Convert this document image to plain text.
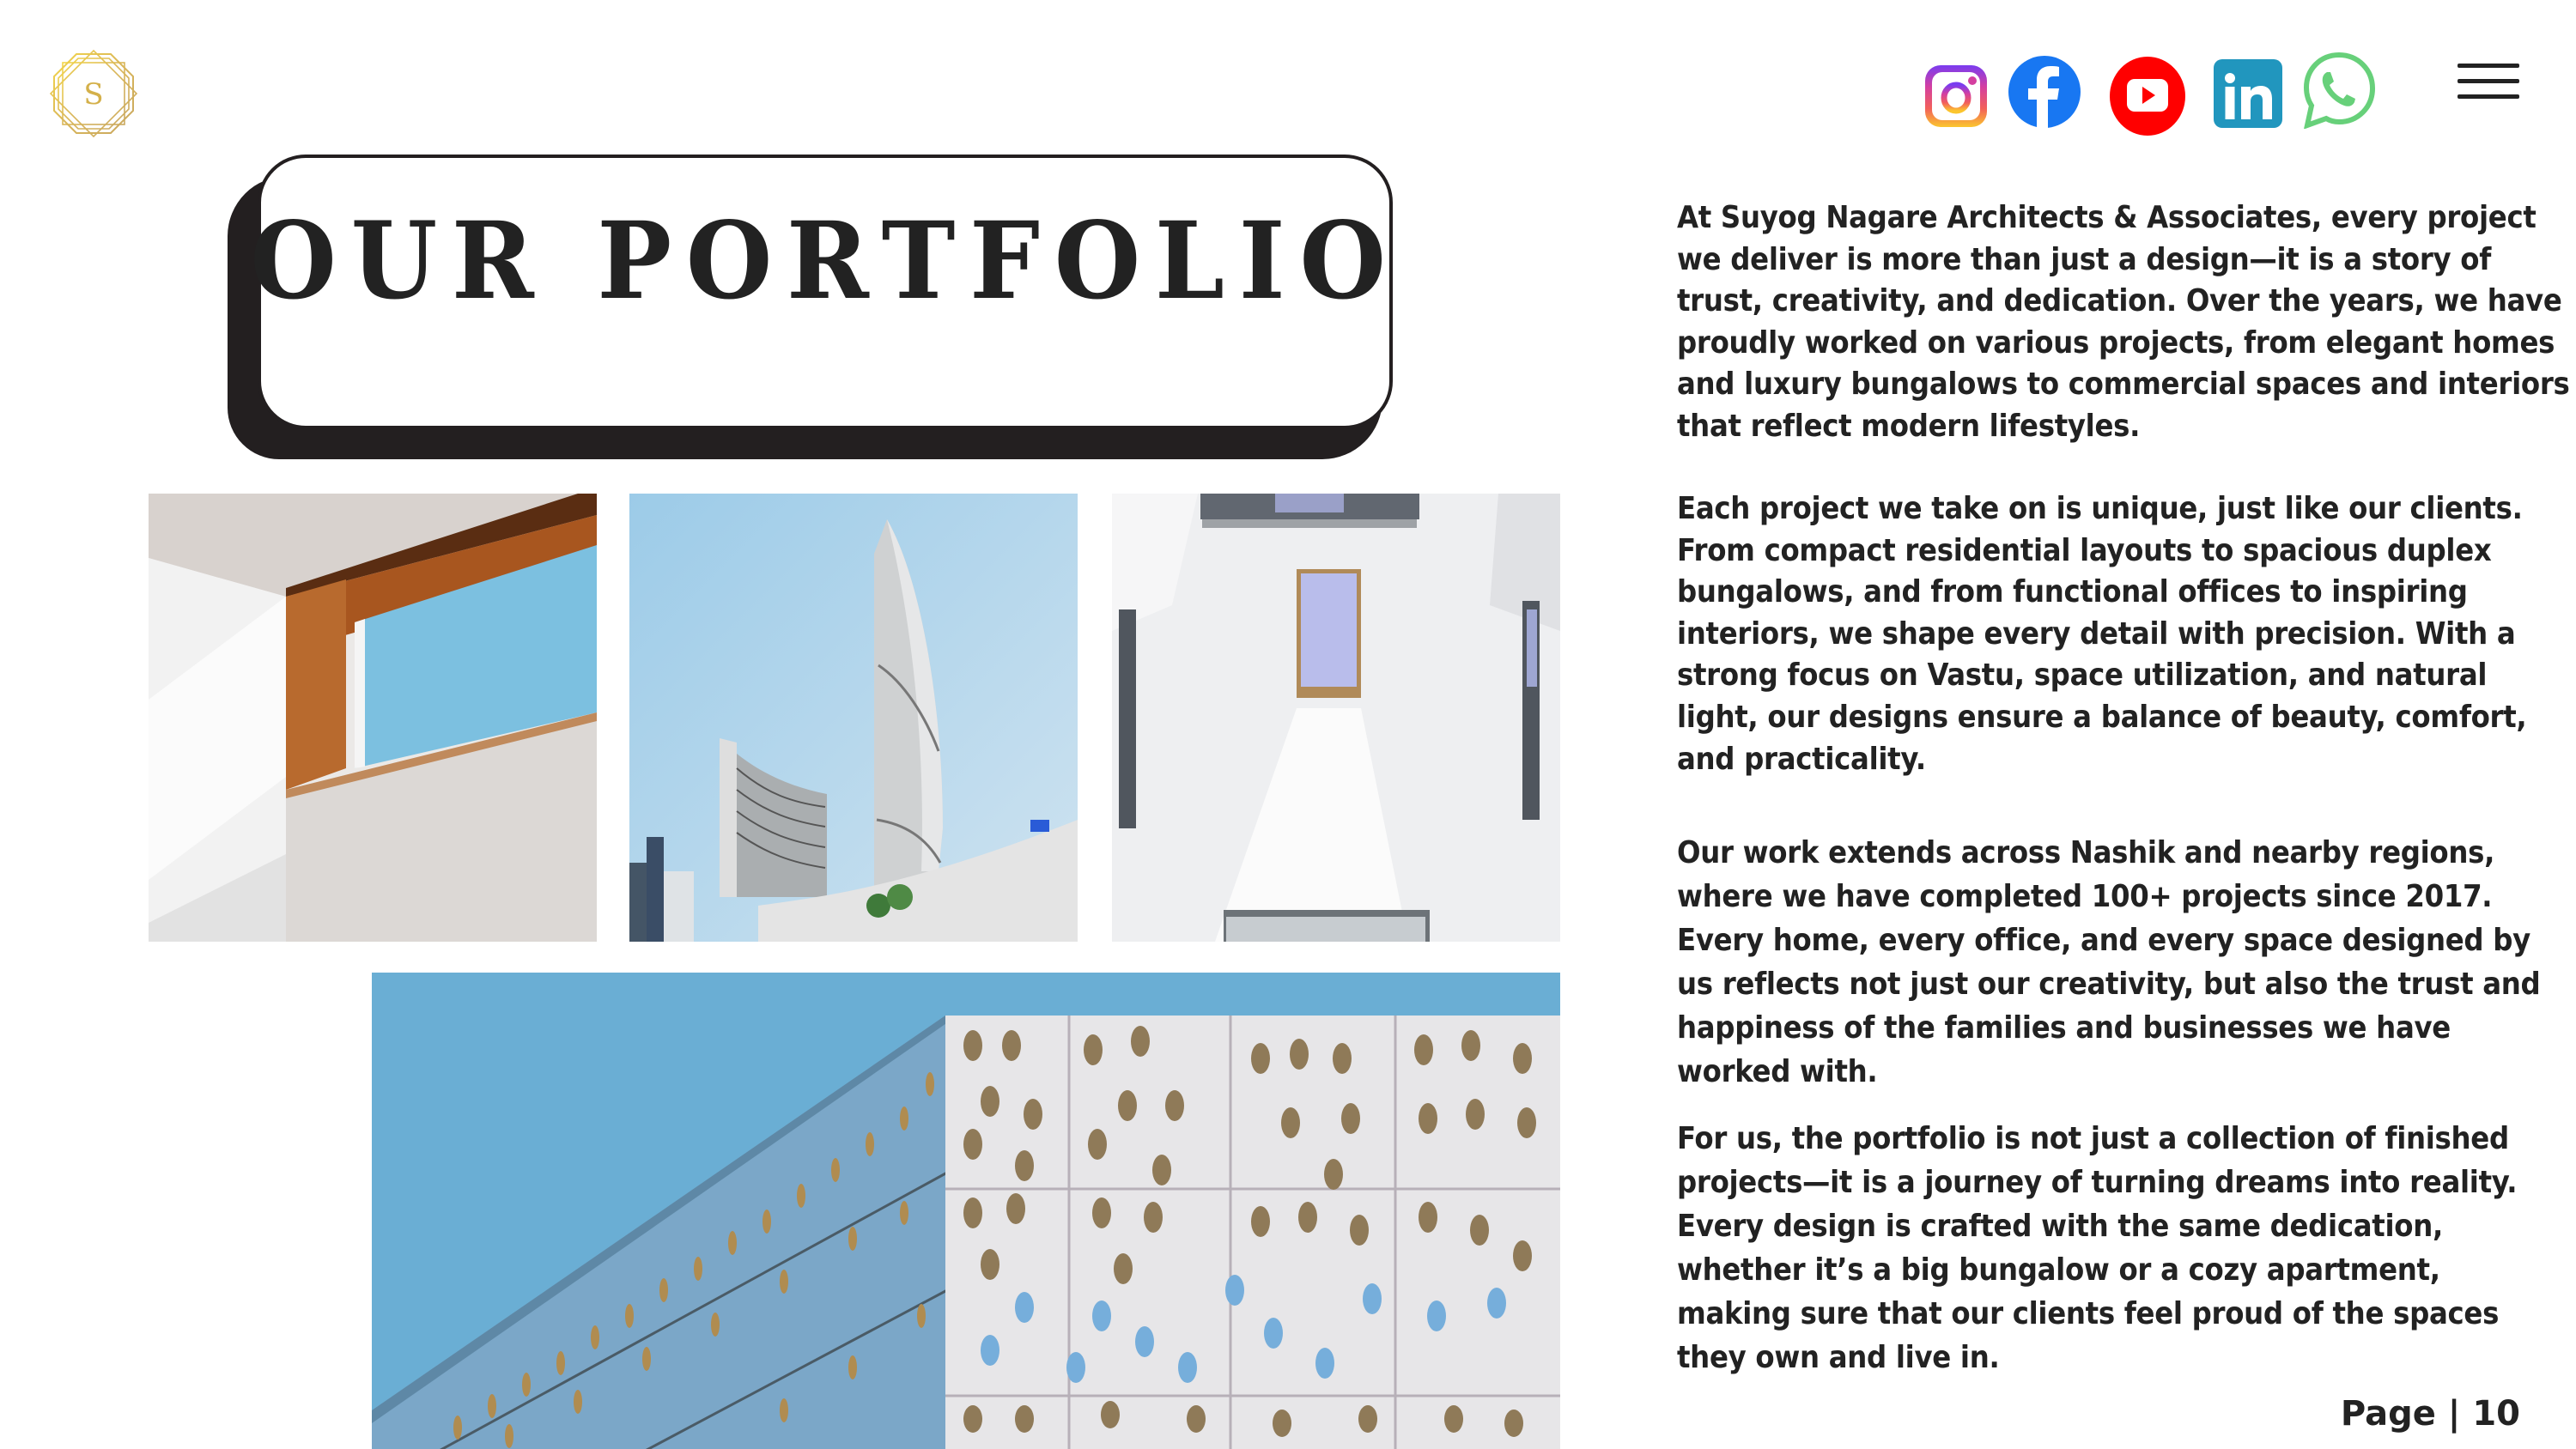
S
OUR PORTFOLIO	At Suyog Nagare Architects & Associates, every project we deliver is more than just a design—it is a story of trust, creativity, and dedication. Over the years, we have proudly worked on various projects, from elegant homes and luxury bungalows to commercial spaces and interiors that reflect modern lifestyles.

Each project we take on is unique, just like our clients. From compact residential layouts to spacious duplex bungalows, and from functional offices to inspiring interiors, we shape every detail with precision. With a strong focus on Vastu, space utilization, and natural light, our designs ensure a balance of beauty, comfort, and practicality.

Our work extends across Nashik and nearby regions, where we have completed 100+ projects since 2017. Every home, every office, and every space designed by us reflects not just our creativity, but also the trust and happiness of the families and businesses we have worked with.

For us, the portfolio is not just a collection of finished projects—it is a journey of turning dreams into reality. Every design is crafted with the same dedication, whether it’s a big bungalow or a cozy apartment, making sure that our clients feel proud of the spaces they own and live in.

Page | 10
